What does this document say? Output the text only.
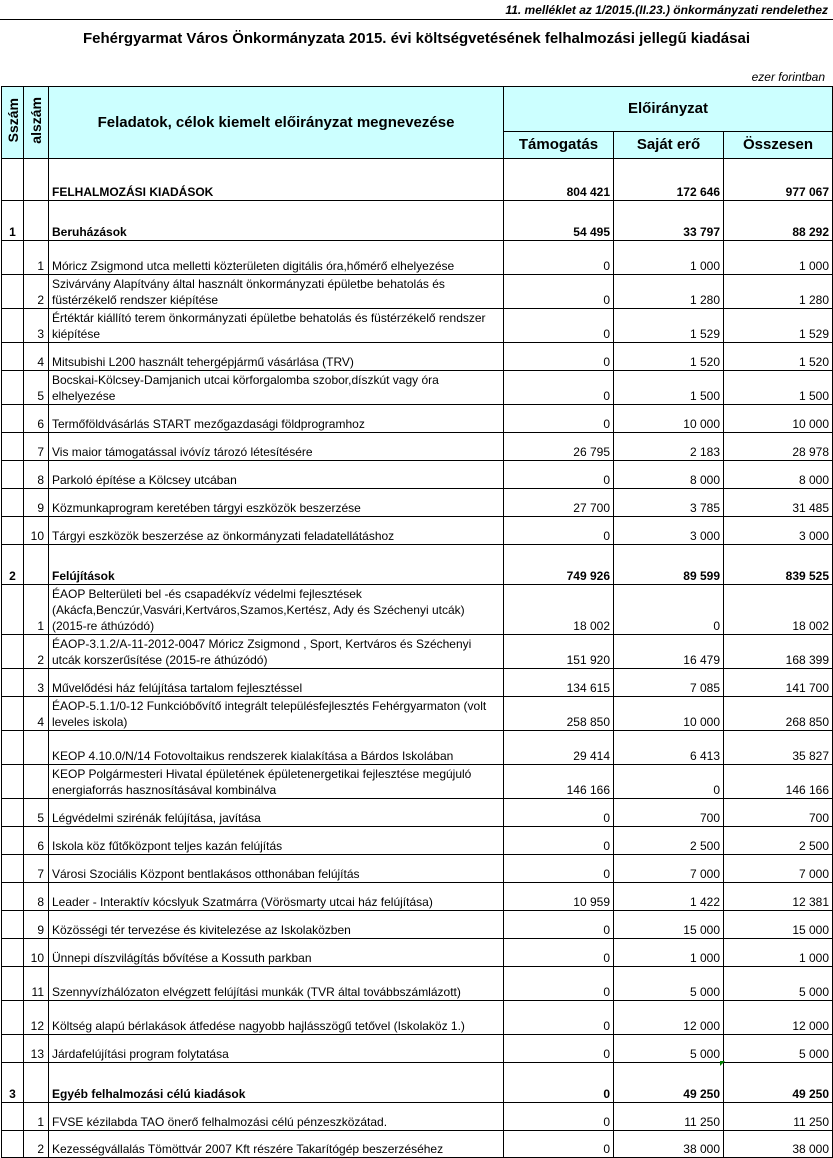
11. melléklet az 1/2015.(II.23.) önkormányzati rendelethez
Fehérgyarmat Város Önkormányzata 2015. évi költségvetésének felhalmozási jellegű kiadásai
ezer forintban
Sszám	alszám	Feladatok, célok kiemelt előirányzat megnevezése	Előirányzat		
			Támogatás	Saját erő	Összesen
		FELHALMOZÁSI KIADÁSOK	804 421	172 646	977 067
1		Beruházások	54 495	33 797	88 292
	1	Móricz Zsigmond utca melletti közterületen digitális óra,hőmérő elhelyezése	0	1 000	1 000
	2	Szivárvány Alapítvány által használt önkormányzati épületbe behatolás és füstérzékelő rendszer kiépítése	0	1 280	1 280
	3	Értéktár kiállító terem önkormányzati épületbe behatolás és füstérzékelő rendszer kiépítése	0	1 529	1 529
	4	Mitsubishi L200 használt tehergépjármű vásárlása (TRV)	0	1 520	1 520
	5	Bocskai-Kölcsey-Damjanich utcai körforgalomba szobor,díszkút vagy óra elhelyezése	0	1 500	1 500
	6	Termőföldvásárlás START mezőgazdasági földprogramhoz	0	10 000	10 000
	7	Vis maior támogatással ivóvíz tározó létesítésére	26 795	2 183	28 978
	8	Parkoló építése a Kölcsey utcában	0	8 000	8 000
	9	Közmunkaprogram keretében tárgyi eszközök beszerzése	27 700	3 785	31 485
	10	Tárgyi eszközök beszerzése az önkormányzati feladatellátáshoz	0	3 000	3 000
2		Felújítások	749 926	89 599	839 525
	1	ÉAOP Belterületi bel -és csapadékvíz védelmi fejlesztések (Akácfa,Benczúr,Vasvári,Kertváros,Szamos,Kertész, Ady és Széchenyi utcák) (2015-re áthúzódó)	18 002	0	18 002
	2	ÉAOP-3.1.2/A-11-2012-0047 Móricz Zsigmond , Sport, Kertváros és Széchenyi utcák korszerűsítése (2015-re áthúzódó)	151 920	16 479	168 399
	3	Művelődési ház felújítása tartalom fejlesztéssel	134 615	7 085	141 700
	4	ÉAOP-5.1.1/0-12 Funkcióbővítő integrált településfejlesztés Fehérgyarmaton (volt leveles iskola)	258 850	10 000	268 850
		KEOP 4.10.0/N/14 Fotovoltaikus rendszerek kialakítása a Bárdos Iskolában	29 414	6 413	35 827
		KEOP Polgármesteri Hivatal épületének épületenergetikai fejlesztése megújuló energiaforrás hasznosításával kombinálva	146 166	0	146 166
	5	Légvédelmi szirénák felújítása, javítása	0	700	700
	6	Iskola köz fűtőközpont teljes kazán felújítás	0	2 500	2 500
	7	Városi Szociális Központ bentlakásos otthonában felújítás	0	7 000	7 000
	8	Leader - Interaktív kócslyuk Szatmárra (Vörösmarty utcai ház felújítása)	10 959	1 422	12 381
	9	Közösségi tér tervezése és kivitelezése az Iskolaközben	0	15 000	15 000
	10	Ünnepi díszvilágítás bővítése a Kossuth parkban	0	1 000	1 000
	11	Szennyvízhálózaton elvégzett felújítási munkák (TVR által továbbszámlázott)	0	5 000	5 000
	12	Költség alapú bérlakások átfedése nagyobb hajlásszögű tetővel (Iskolaköz 1.)	0	12 000	12 000
	13	Járdafelújítási program folytatása	0	5 000	5 000
3		Egyéb felhalmozási célú kiadások	0	49 250	49 250
	1	FVSE kézilabda TAO önerő felhalmozási célú pénzeszközátad.	0	11 250	11 250
	2	Kezességvállalás Tömöttvár 2007 Kft részére Takarítógép beszerzéséhez	0	38 000	38 000
